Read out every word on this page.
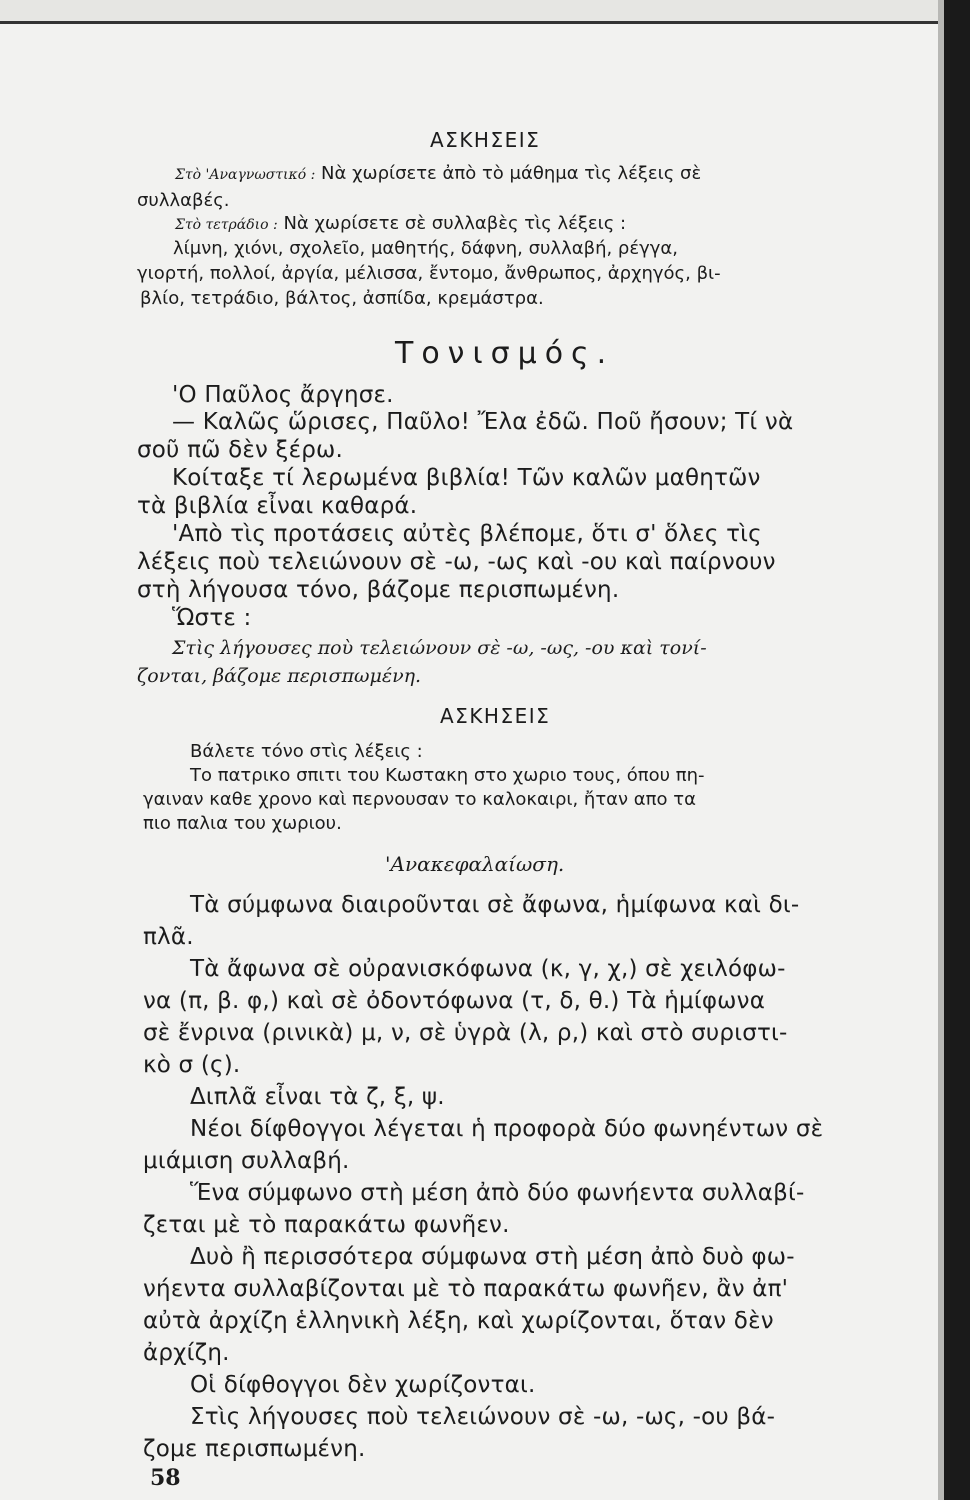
ΑΣΚΗΣΕΙΣ
Στὸ 'Αναγνωστικό : Νὰ χωρίσετε ἀπὸ τὸ μάθημα τὶς λέξεις σὲ
συλλαβές.
Στὸ τετράδιο : Νὰ χωρίσετε σὲ συλλαβὲς τὶς λέξεις :
λίμνη, χιόνι, σχολεῖο, μαθητής, δάφνη, συλλαβή, ρέγγα,
γιορτή, πολλοί, ἀργία, μέλισσα, ἔντομο, ἄνθρωπος, ἀρχηγός, βι-
βλίο, τετράδιο, βάλτος, ἀσπίδα, κρεμάστρα.
Τονισμός.
'Ο Παῦλος ἄργησε.
— Καλῶς ὥρισες, Παῦλο! Ἔλα ἐδῶ. Ποῦ ἤσουν; Τί νὰ
σοῦ πῶ δὲν ξέρω.
Κοίταξε τί λερωμένα βιβλία! Τῶν καλῶν μαθητῶν
τὰ βιβλία εἶναι καθαρά.
'Απὸ τὶς προτάσεις αὐτὲς βλέπομε, ὅτι σ' ὅλες τὶς
λέξεις ποὺ τελειώνουν σὲ -ω, -ως καὶ -ου καὶ παίρνουν
στὴ λήγουσα τόνο, βάζομε περισπωμένη.
Ὥστε :
Στὶς λήγουσες ποὺ τελειώνουν σὲ -ω, -ως, -ου καὶ τονί-
ζονται, βάζομε περισπωμένη.
ΑΣΚΗΣΕΙΣ
Βάλετε τόνο στὶς λέξεις :
Το πατρικο σπιτι του Κωστακη στο χωριο τους, όπου πη-
γαιναν καθε χρονο καὶ περνουσαν το καλοκαιρι, ἤταν απο τα
πιο παλια του χωριου.
'Ανακεφαλαίωση.
Τὰ σύμφωνα διαιροῦνται σὲ ἄφωνα, ἡμίφωνα καὶ δι-
πλᾶ.
Τὰ ἄφωνα σὲ οὐρανισκόφωνα (κ, γ, χ,) σὲ χειλόφω-
να (π, β. φ,) καὶ σὲ ὀδοντόφωνα (τ, δ, θ.) Τὰ ἡμίφωνα
σὲ ἔνρινα (ρινικὰ) μ, ν, σὲ ὑγρὰ (λ, ρ,) καὶ στὸ συριστι-
κὸ σ (ς).
Διπλᾶ εἶναι τὰ ζ, ξ, ψ.
Νέοι δίφθογγοι λέγεται ἡ προφορὰ δύο φωνηέντων σὲ
μιάμιση συλλαβή.
Ἕνα σύμφωνο στὴ μέση ἀπὸ δύο φωνήεντα συλλαβί-
ζεται μὲ τὸ παρακάτω φωνῆεν.
Δυὸ ἢ περισσότερα σύμφωνα στὴ μέση ἀπὸ δυὸ φω-
νήεντα συλλαβίζονται μὲ τὸ παρακάτω φωνῆεν, ἂν ἀπ'
αὐτὰ ἀρχίζη ἑλληνικὴ λέξη, καὶ χωρίζονται, ὅταν δὲν
ἀρχίζη.
Οἱ δίφθογγοι δὲν χωρίζονται.
Στὶς λήγουσες ποὺ τελειώνουν σὲ -ω, -ως, -ου βά-
ζομε περισπωμένη.
58
